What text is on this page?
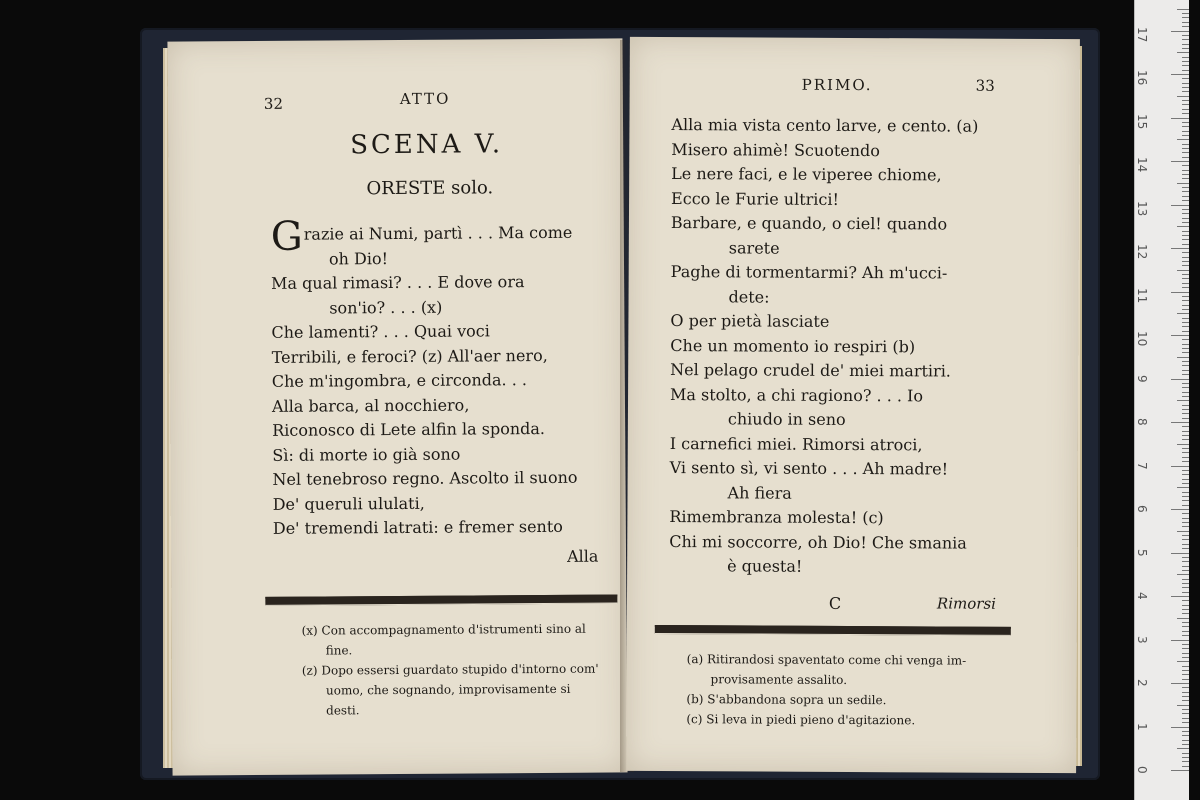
32	ATTO
SCENA V.
ORESTE solo.
Grazie ai Numi, partì . . . Ma come
oh Dio!
Ma qual rimasi? . . . E dove ora
son'io? . . . (x)
Che lamenti? . . . Quai voci
Terribili, e feroci? (z) All'aer nero,
Che m'ingombra, e circonda. . .
Alla barca, al nocchiero,
Riconosco di Lete alfin la sponda.
Sì: di morte io già sono
Nel tenebroso regno. Ascolto il suono
De' queruli ululati,
De' tremendi latrati: e fremer sento
Alla
(x) Con accompagnamento d'istrumenti sino al
fine.
(z) Dopo essersi guardato stupido d'intorno com'
uomo, che sognando, improvisamente si
desti.
PRIMO.	33
Alla mia vista cento larve, e cento. (a)
Misero ahimè! Scuotendo
Le nere faci, e le viperee chiome,
Ecco le Furie ultrici!
Barbare, e quando, o ciel! quando
sarete
Paghe di tormentarmi? Ah m'ucci-
dete:
O per pietà lasciate
Che un momento io respiri (b)
Nel pelago crudel de' miei martiri.
Ma stolto, a chi ragiono? . . . Io
chiudo in seno
I carnefici miei. Rimorsi atroci,
Vi sento sì, vi sento . . . Ah madre!
Ah fiera
Rimembranza molesta! (c)
Chi mi soccorre, oh Dio! Che smania
è questa!
C	Rimorsi
(a) Ritirandosi spaventato come chi venga im-
provisamente assalito.
(b) S'abbandona sopra un sedile.
(c) Si leva in piedi pieno d'agitazione.
0
1
2
3
4
5
6
7
8
9
10
11
12
13
14
15
16
17
